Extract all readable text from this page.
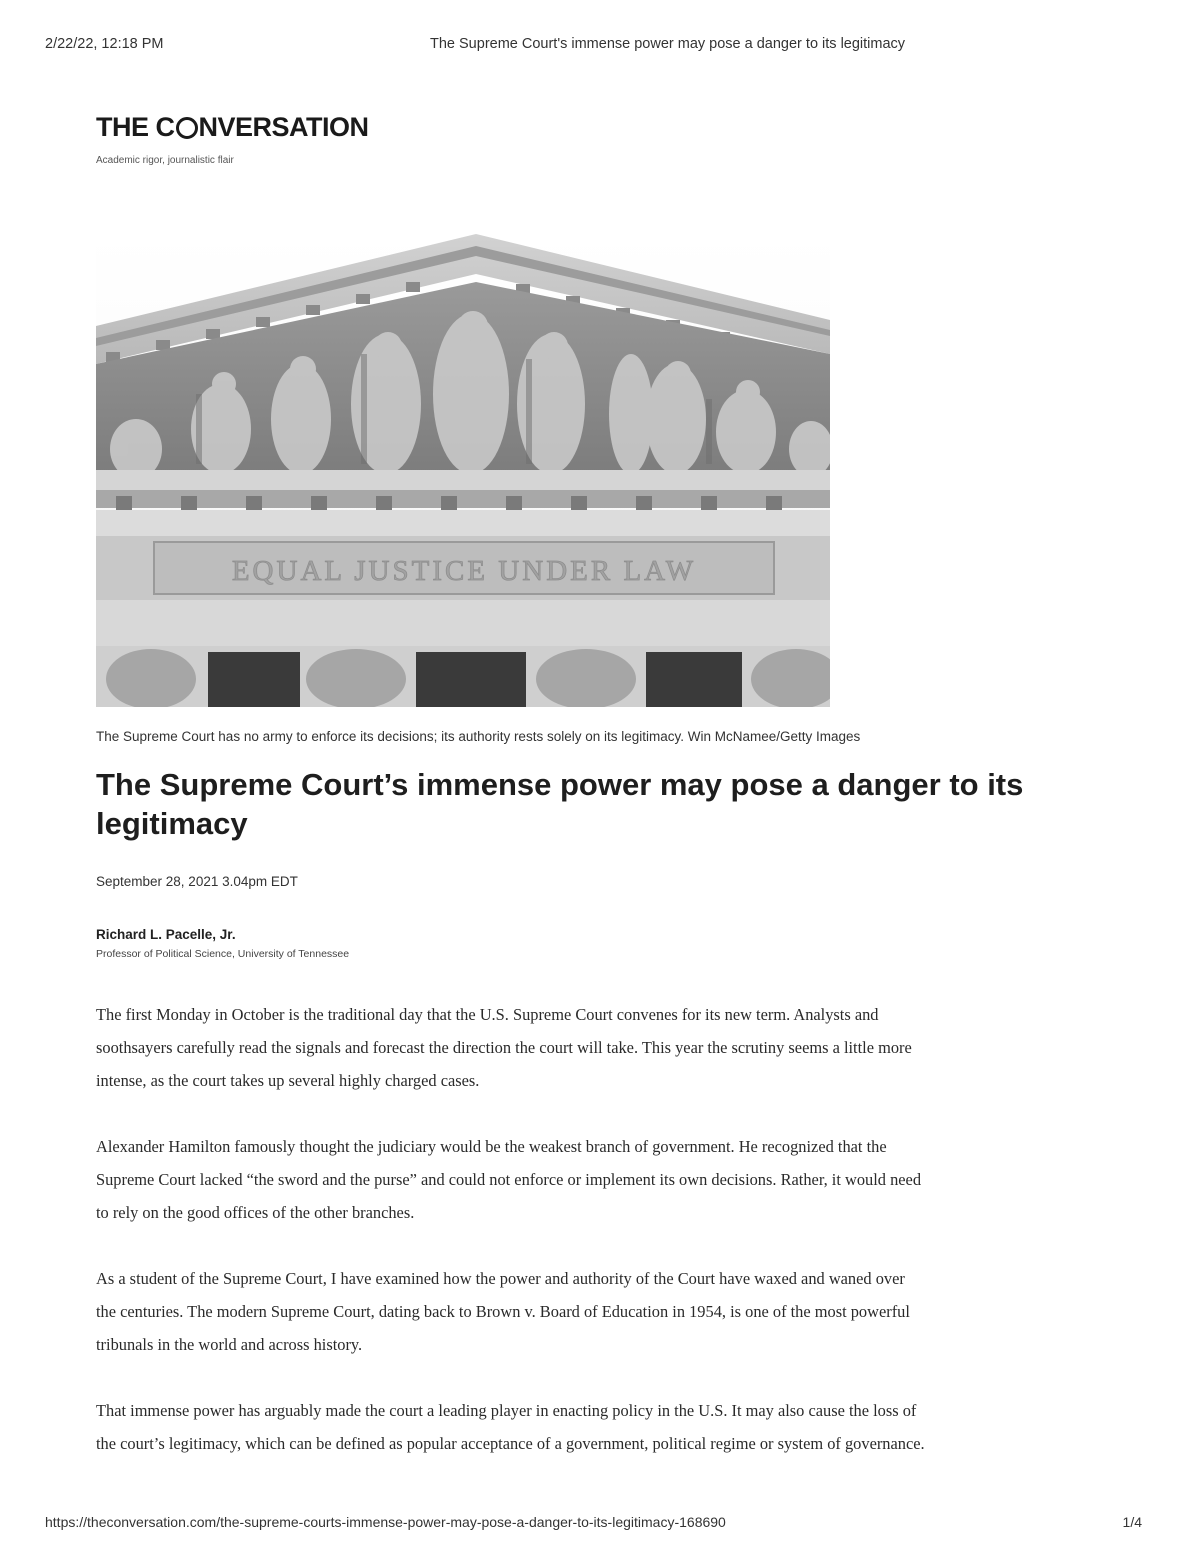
2/22/22, 12:18 PM	The Supreme Court's immense power may pose a danger to its legitimacy
THE C NVERSATION
Academic rigor, journalistic flair
EQUAL JUSTICE UNDER LAW
The Supreme Court has no army to enforce its decisions; its authority rests solely on its legitimacy. Win McNamee/Getty Images
The Supreme Court’s immense power may pose a danger to its legitimacy
September 28, 2021 3.04pm EDT
Richard L. Pacelle, Jr.
Professor of Political Science, University of Tennessee

The first Monday in October is the traditional day that the U.S. Supreme Court convenes for its new term. Analysts and soothsayers carefully read the signals and forecast the direction the court will take. This year the scrutiny seems a little more intense, as the court takes up several highly charged cases.

Alexander Hamilton famously thought the judiciary would be the weakest branch of government. He recognized that the Supreme Court lacked “the sword and the purse” and could not enforce or implement its own decisions. Rather, it would need to rely on the good offices of the other branches.

As a student of the Supreme Court, I have examined how the power and authority of the Court have waxed and waned over the centuries. The modern Supreme Court, dating back to Brown v. Board of Education in 1954, is one of the most powerful tribunals in the world and across history.

That immense power has arguably made the court a leading player in enacting policy in the U.S. It may also cause the loss of the court’s legitimacy, which can be defined as popular acceptance of a government, political regime or system of governance.

https://theconversation.com/the-supreme-courts-immense-power-may-pose-a-danger-to-its-legitimacy-168690	1/4
